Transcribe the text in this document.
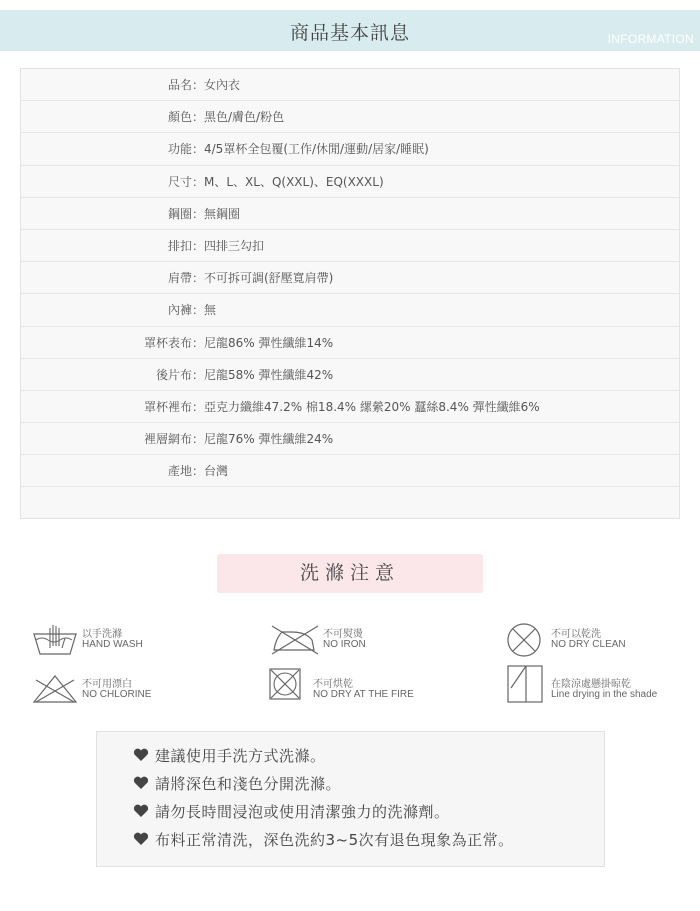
商品基本訊息	INFORMATION
品名 ： 女內衣
顏色 ： 黑色/膚色/粉色
功能 ： 4/5罩杯全包覆(工作/休閒/運動/居家/睡眠)
尺寸 ： M、L、XL、Q(XXL)、EQ(XXXL)
鋼圈 ： 無鋼圈
排扣 ： 四排三勾扣
肩帶 ： 不可拆可調(舒壓寬肩帶)
內褲 ： 無
罩杯表布 ： 尼龍86% 彈性纖維14%
後片布 ： 尼龍58% 彈性纖維42%
罩杯裡布 ： 亞克力纖維47.2% 棉18.4% 縲縈20% 蠶絲8.4% 彈性纖維6%
裡層網布 ： 尼龍76% 彈性纖維24%
產地 ： 台灣
洗滌注意
以手洗滌
HAND WASH
不可熨燙
NO IRON
不可以乾洗
NO DRY CLEAN
不可用漂白
NO CHLORINE
不可烘乾
NO DRY AT THE FIRE
在陰涼處懸掛晾乾
Line drying in the shade
建議使用手洗方式洗滌。
請將深色和淺色分開洗滌。
請勿長時間浸泡或使用清潔強力的洗滌劑。
布料正常清洗，深色洗約3~5次有退色現象為正常。
